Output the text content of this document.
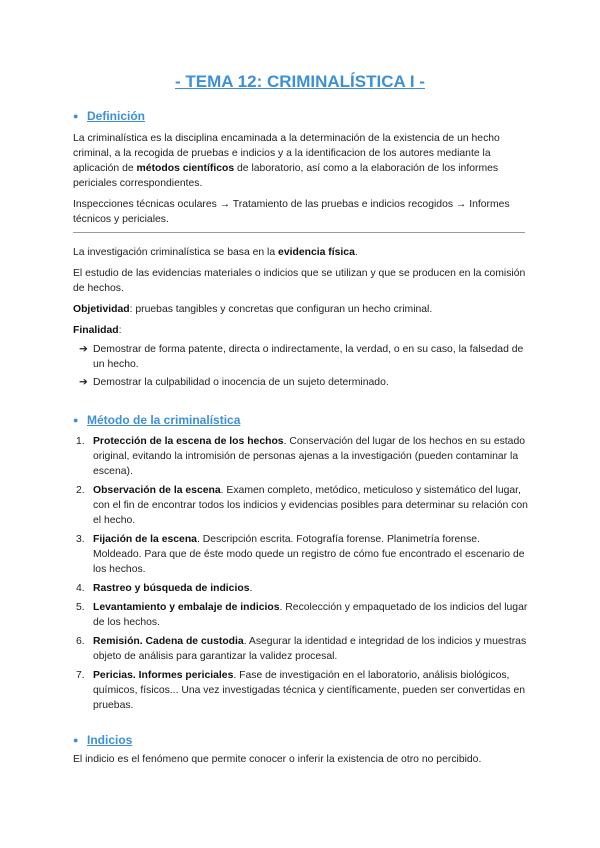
- TEMA 12: CRIMINALÍSTICA I -
● Definición

La criminalística es la disciplina encaminada a la determinación de la existencia de un hecho criminal, a la recogida de pruebas e indicios y a la identificacion de los autores mediante la aplicación de métodos científicos de laboratorio, así como a la elaboración de los informes periciales correspondientes.

Inspecciones técnicas oculares → Tratamiento de las pruebas e indicios recogidos → Informes técnicos y periciales.

La investigación criminalística se basa en la evidencia física.

El estudio de las evidencias materiales o indicios que se utilizan y que se producen en la comisión de hechos.

Objetividad: pruebas tangibles y concretas que configuran un hecho criminal.

Finalidad:

➔ Demostrar de forma patente, directa o indirectamente, la verdad, o en su caso, la falsedad de un hecho.
➔ Demostrar la culpabilidad o inocencia de un sujeto determinado.
● Método de la criminalística
1. Protección de la escena de los hechos. Conservación del lugar de los hechos en su estado original, evitando la intromisión de personas ajenas a la investigación (pueden contaminar la escena).
2. Observación de la escena. Examen completo, metódico, meticuloso y sistemático del lugar, con el fin de encontrar todos los indicios y evidencias posibles para determinar su relación con el hecho.
3. Fijación de la escena. Descripción escrita. Fotografía forense. Planimetría forense. Moldeado. Para que de éste modo quede un registro de cómo fue encontrado el escenario de los hechos.
4. Rastreo y búsqueda de indicios.
5. Levantamiento y embalaje de indicios. Recolección y empaquetado de los indicios del lugar de los hechos.
6. Remisión. Cadena de custodia. Asegurar la identidad e integridad de los indicios y muestras objeto de análisis para garantizar la validez procesal.
7. Pericias. Informes periciales. Fase de investigación en el laboratorio, análisis biológicos, químicos, físicos... Una vez investigadas técnica y científicamente, pueden ser convertidas en pruebas.
● Indicios

El indicio es el fenómeno que permite conocer o inferir la existencia de otro no percibido.
